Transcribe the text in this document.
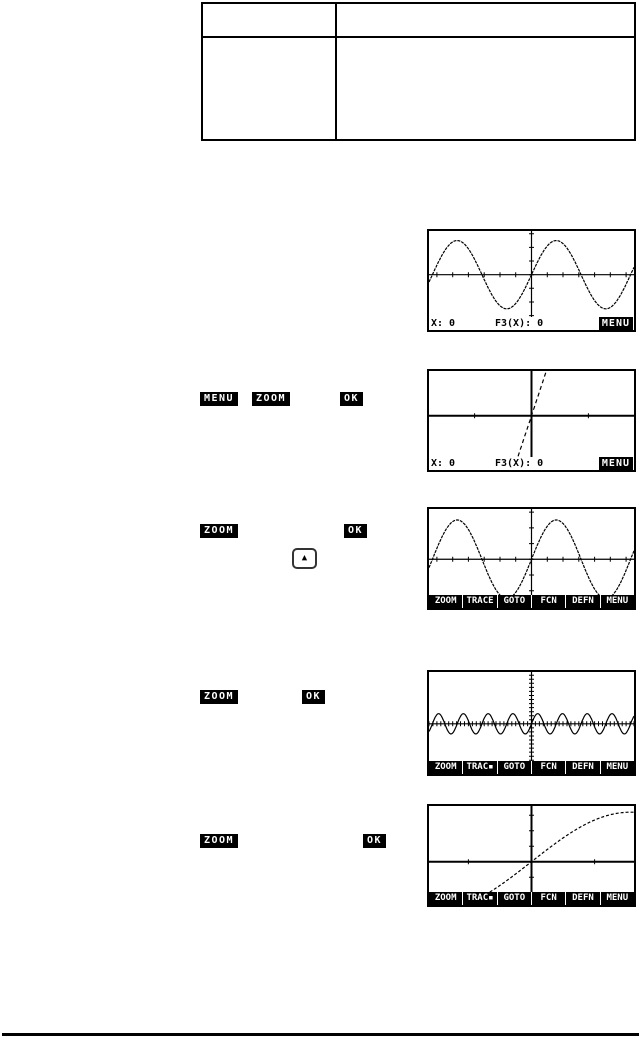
X: 0	F3(X): 0	MENU
MENU	ZOOM	OK
X: 0	F3(X): 0	MENU
ZOOM	OK
▲
ZOOM	TRACE	GOTO	FCN	DEFN	MENU
ZOOM	OK
ZOOM	TRAC▪	GOTO	FCN	DEFN	MENU
ZOOM	OK
ZOOM	TRAC▪	GOTO	FCN	DEFN	MENU
